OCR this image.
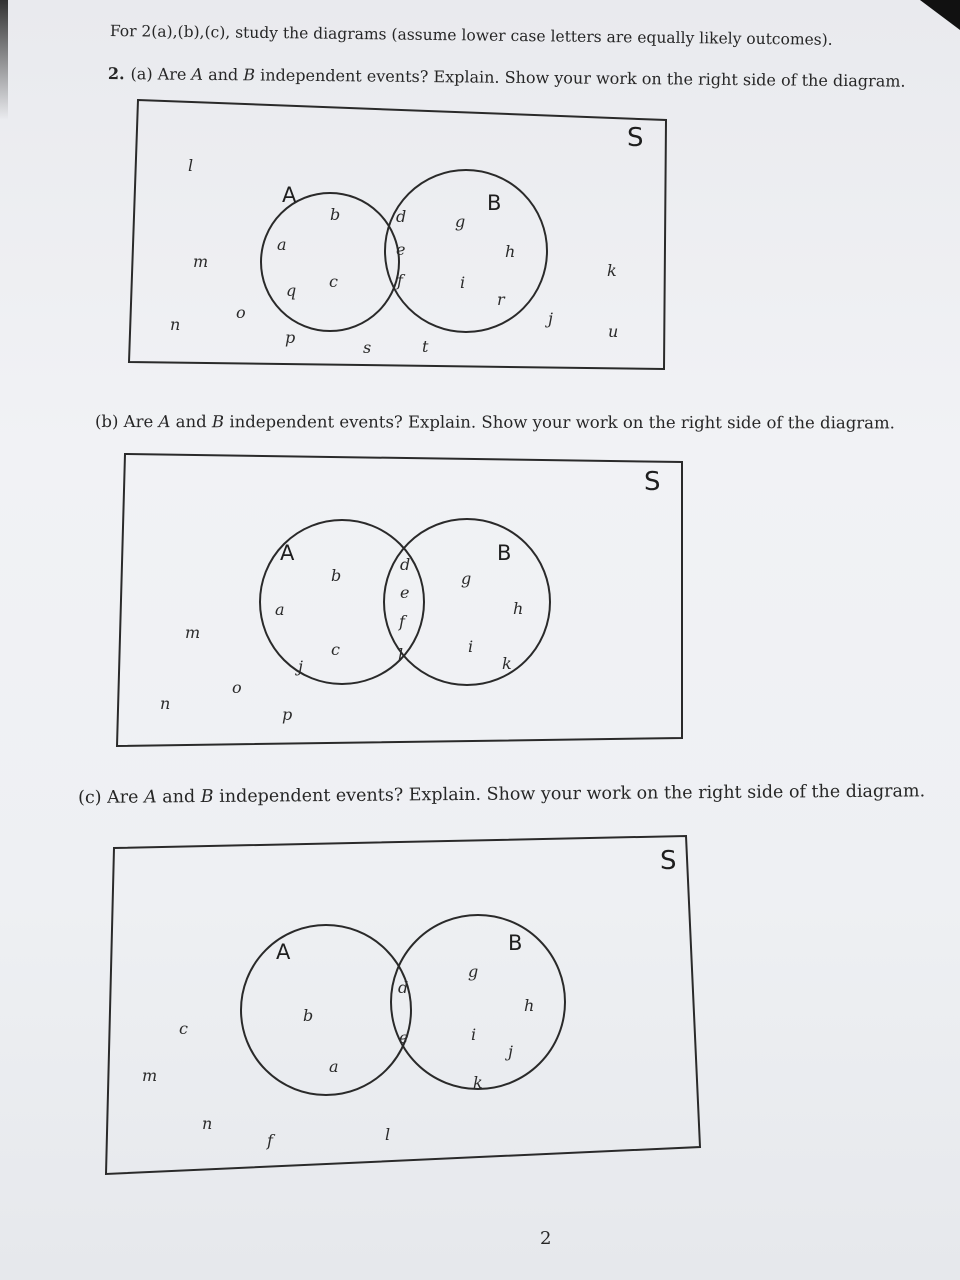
For 2(a),(b),(c), study the diagrams (assume lower case letters are equally likely outcomes).
2. (a) Are A and B independent events? Explain. Show your work on the right side of the diagram.
S
A	B
b
a
q c
d
e
f
g
h
i
r
l
m
n
o
p
s	t
j
k
u
(b) Are A and B independent events? Explain. Show your work on the right side of the diagram.
S
A	B
b
a
c
j
d
e
f
l
g
h
i
k
m
n
o
p
(c) Are A and B independent events? Explain. Show your work on the right side of the diagram.
S
A	B
b
a
d
e
g
h
i
j
k
c
m
n
f	l
2
